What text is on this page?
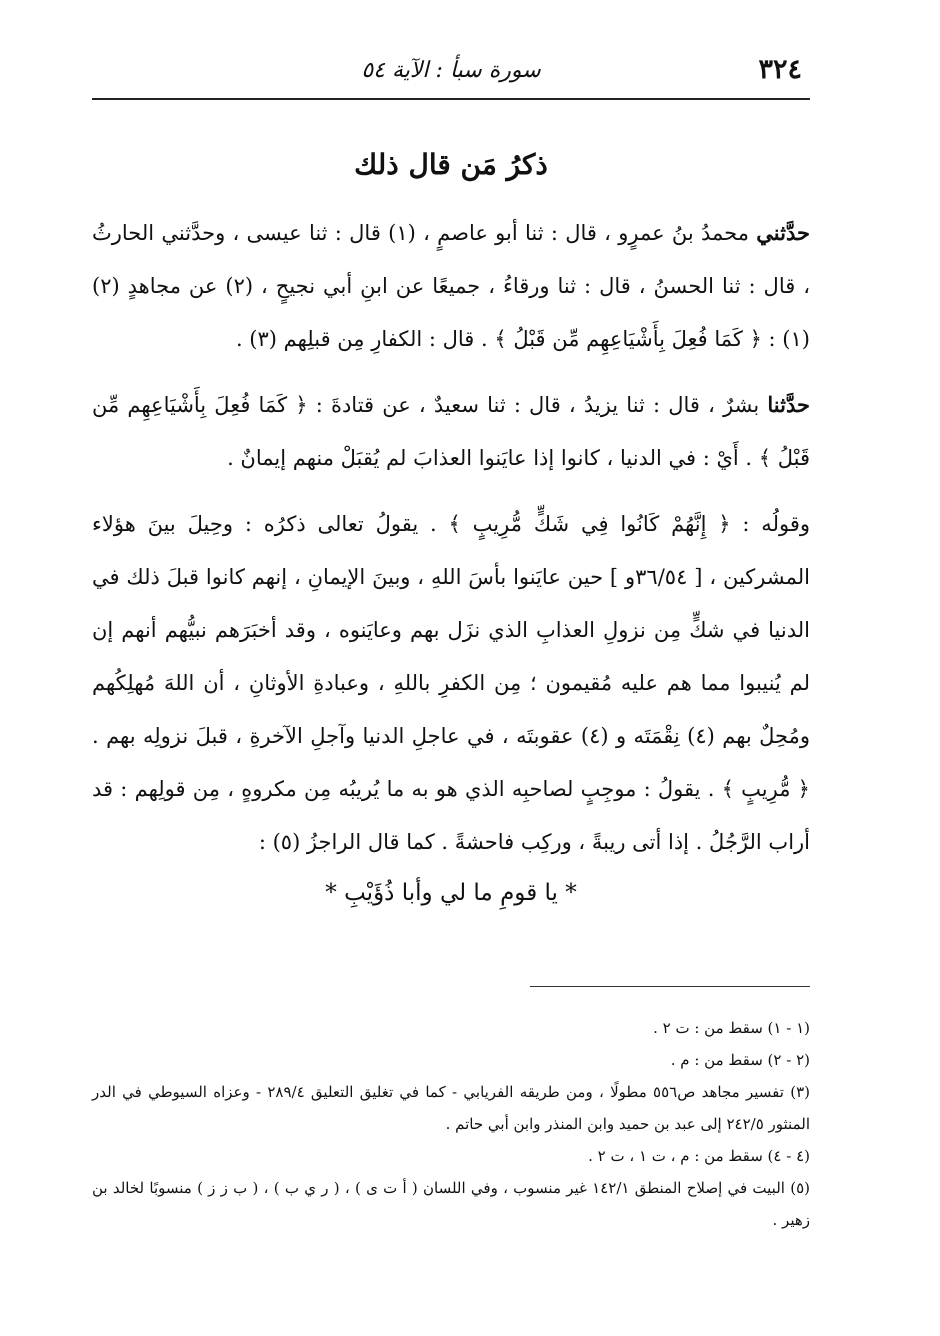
٣٢٤
سورة سبأ : الآية ٥٤
ذكرُ مَن قال ذلك

حدَّثني محمدُ بنُ عمرٍو ، قال : ثنا أبو عاصمٍ ، (١) قال : ثنا عيسى ، وحدَّثني الحارثُ ، قال : ثنا الحسنُ ، قال : ثنا ورقاءُ ، جميعًا عن ابنِ أبي نجيحٍ ، (٢) عن مجاهدٍ (٢)(١) : ﴿ كَمَا فُعِلَ بِأَشْيَاعِهِم مِّن قَبْلُ ﴾ . قال : الكفارِ مِن قبلِهم (٣) .

حدَّثنا بشرٌ ، قال : ثنا يزيدُ ، قال : ثنا سعيدٌ ، عن قتادةَ : ﴿ كَمَا فُعِلَ بِأَشْيَاعِهِم مِّن قَبْلُ ﴾ . أَيْ : في الدنيا ، كانوا إذا عايَنوا العذابَ لم يُقبَلْ منهم إيمانٌ .

وقولُه : ﴿ إِنَّهُمْ كَانُوا فِي شَكٍّ مُّرِيبٍ ﴾ . يقولُ تعالى ذكرُه : وحِيلَ بينَ هؤلاء المشركين ، [ ٣٦/٥٤و ] حين عايَنوا بأسَ اللهِ ، وبينَ الإيمانِ ، إنهم كانوا قبلَ ذلك في الدنيا في شكٍّ مِن نزولِ العذابِ الذي نزَل بهم وعايَنوه ، وقد أخبَرَهم نبيُّهم أنهم إن لم يُنيبوا مما هم عليه مُقيمون ؛ مِن الكفرِ باللهِ ، وعبادةِ الأوثانِ ، أن اللهَ مُهلِكُهم ومُحِلٌ بهم (٤) نِقْمَتَه و (٤) عقوبتَه ، في عاجلِ الدنيا وآجلِ الآخرةِ ، قبلَ نزولِه بهم . ﴿ مُّرِيبٍ ﴾ . يقولُ : موجِبٍ لصاحبِه الذي هو به ما يُريبُه مِن مكروهٍ ، مِن قولِهم : قد أراب الرَّجُلُ . إذا أتى ريبةً ، وركِب فاحشةً . كما قال الراجزُ (٥) :

* يا قومِ ما لي وأبا ذُؤَيْبِ *

(١ - ١) سقط من : ت ٢ .

(٢ - ٢) سقط من : م .

(٣) تفسير مجاهد ص٥٥٦ مطولًا ، ومن طريقه الفريابي - كما في تغليق التعليق ٢٨٩/٤ - وعزاه السيوطي في الدر المنثور ٢٤٢/٥ إلى عبد بن حميد وابن المنذر وابن أبي حاتم .

(٤ - ٤) سقط من : م ، ت ١ ، ت ٢ .

(٥) البيت في إصلاح المنطق ١٤٢/١ غير منسوب ، وفي اللسان ( أ ت ى ) ، ( ر ي ب ) ، ( ب ز ز ) منسوبًا لخالد بن زهير .
